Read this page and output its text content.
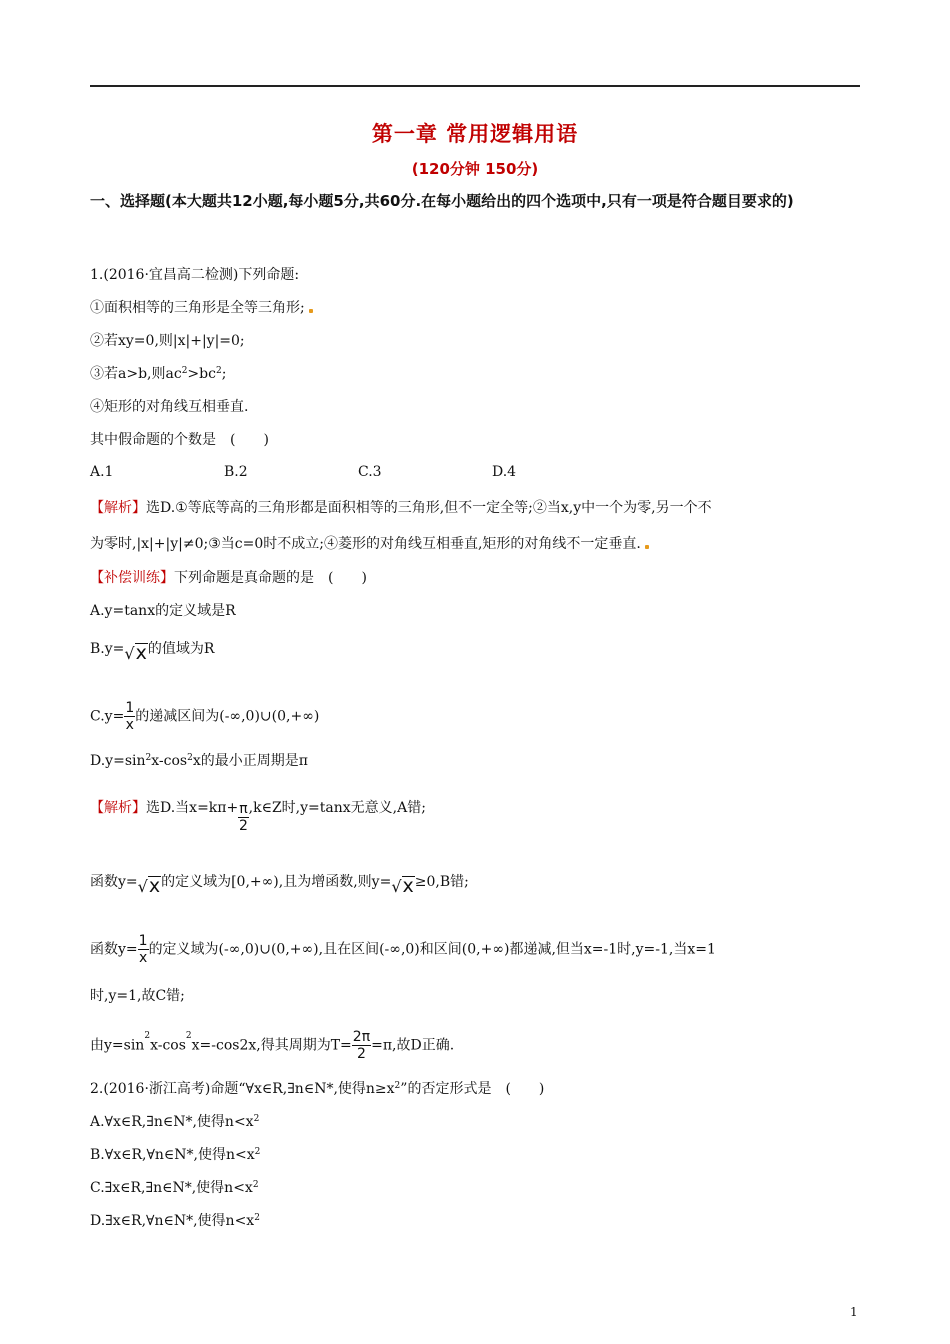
第一章 常用逻辑用语
(120分钟 150分)
一、选择题(本大题共12小题,每小题5分,共60分.在每小题给出的四个选项中,只有一项是符合题目要求的)
1.(2016·宜昌高二检测)下列命题:
①面积相等的三角形是全等三角形;
②若xy=0,则|x|+|y|=0;
③若a>b,则$ac^2>bc^2$;
④矩形的对角线互相垂直.
其中假命题的个数是　(　　)
A.1	B.2	C.3	D.4
【解析】选D.①等底等高的三角形都是面积相等的三角形,但不一定全等;②当x,y中一个为零,另一个不
为零时,|x|+|y|≠0;③当c=0时不成立;④菱形的对角线互相垂直,矩形的对角线不一定垂直.
【补偿训练】下列命题是真命题的是　(　　)
A.y=tanx的定义域是R
B.y=√x的值域为R
$C.y= \frac{1}{x}$ 的递减区间为(-∞,0)∪(0,+∞)
$D.y=\sin^2x-\cos^2x$的最小正周期是π
【解析】选D.当$x=k\pi+ \frac{\pi}{2}$ ,k∈Z时,y=tanx无意义,A错;
函数y=√x的定义域为[0,+∞),且为增函数,则y=√x≥0,B错;
函数$y= \frac{1}{x}$ 的定义域为(-∞,0)∪(0,+∞),且在区间(-∞,0)和区间(0,+∞)都递减,但当x=-1时,y=-1,当x=1
时,y=1,故C错;
由$y=\sin^2x-\cos^2x=-\cos 2x$,得其周期为$T= \frac{2\pi}{2} =\pi$,故D正确.
2.(2016·浙江高考)命题“∀x∈R,∃n∈N*,使得$n\ge x^2$”的否定形式是　(　　)
A.∀x∈R,∃n∈N*,使得$n<x^2$
B.∀x∈R,∀n∈N*,使得$n<x^2$
C.∃x∈R,∃n∈N*,使得$n<x^2$
D.∃x∈R,∀n∈N*,使得$n<x^2$
1
